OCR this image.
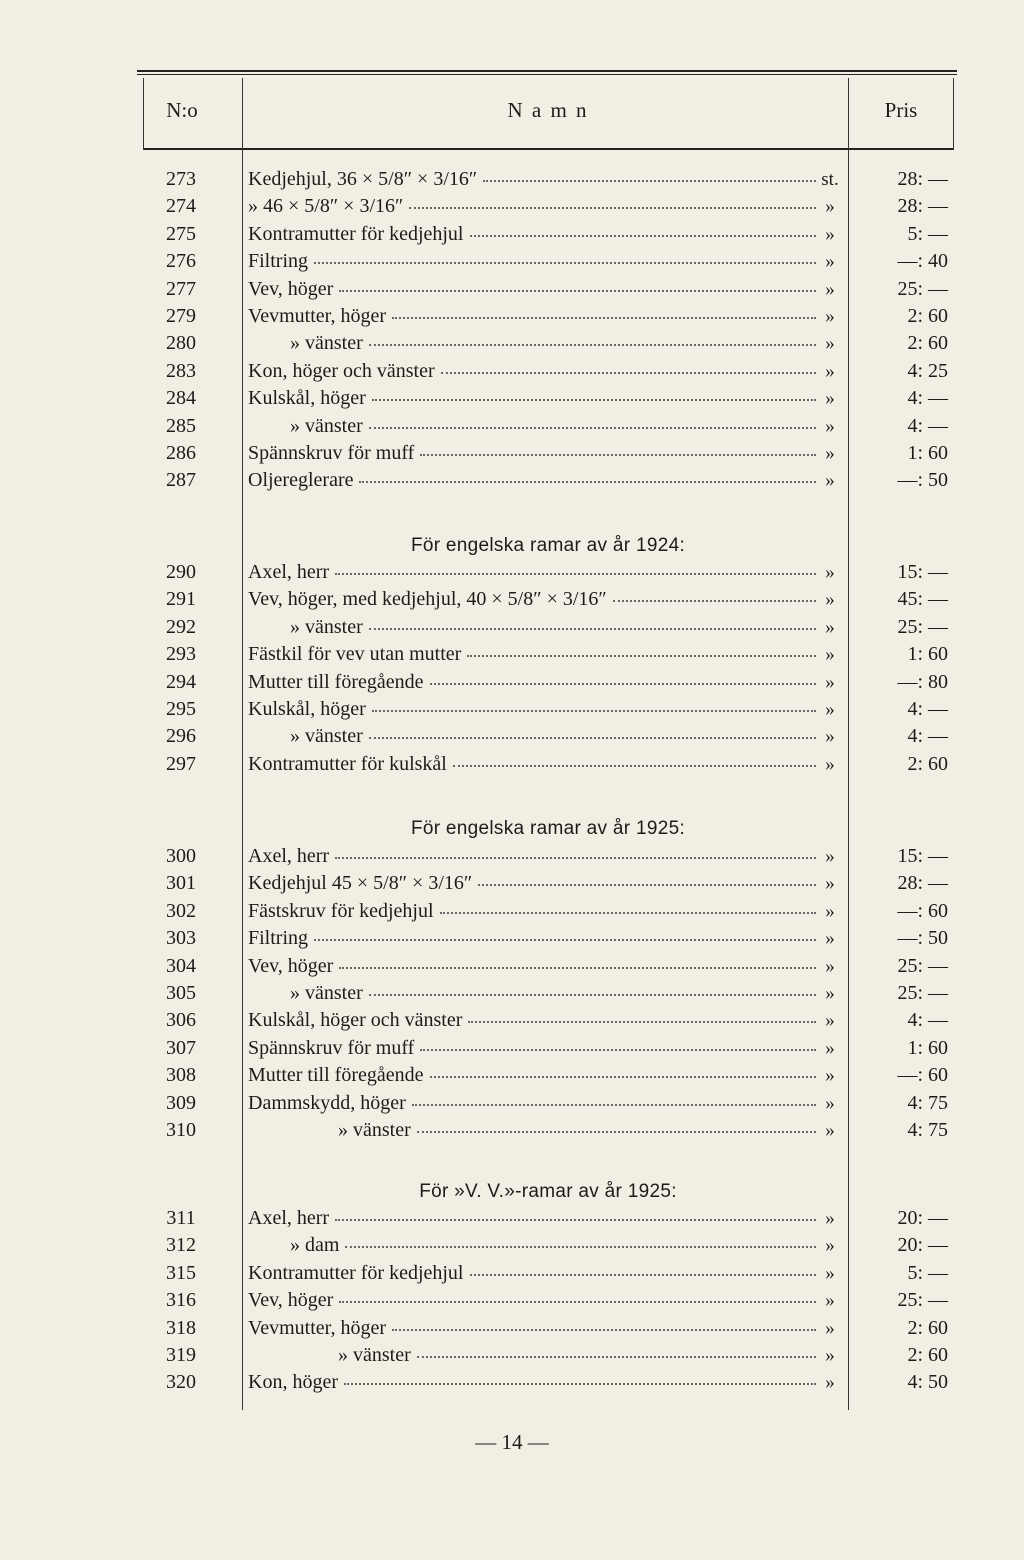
N:o	N a m n	Pris
273	Kedjehjul, 36 × 5/8″ × 3/16″	st.	28: —
274	» 46 × 5/8″ × 3/16″	»	28: —
275	Kontramutter för kedjehjul	»	5: —
276	Filtring	»	—: 40
277	Vev, höger	»	25: —
279	Vevmutter, höger	»	2: 60
280	» vänster	»	2: 60
283	Kon, höger och vänster	»	4: 25
284	Kulskål, höger	»	4: —
285	» vänster	»	4: —
286	Spännskruv för muff	»	1: 60
287	Oljereglerare	»	—: 50
290	Axel, herr	»	15: —
291	Vev, höger, med kedjehjul, 40 × 5/8″ × 3/16″	»	45: —
292	» vänster	»	25: —
293	Fästkil för vev utan mutter	»	1: 60
294	Mutter till föregående	»	—: 80
295	Kulskål, höger	»	4: —
296	» vänster	»	4: —
297	Kontramutter för kulskål	»	2: 60
300	Axel, herr	»	15: —
301	Kedjehjul 45 × 5/8″ × 3/16″	»	28: —
302	Fästskruv för kedjehjul	»	—: 60
303	Filtring	»	—: 50
304	Vev, höger	»	25: —
305	» vänster	»	25: —
306	Kulskål, höger och vänster	»	4: —
307	Spännskruv för muff	»	1: 60
308	Mutter till föregående	»	—: 60
309	Dammskydd, höger	»	4: 75
310	» vänster	»	4: 75
311	Axel, herr	»	20: —
312	» dam	»	20: —
315	Kontramutter för kedjehjul	»	5: —
316	Vev, höger	»	25: —
318	Vevmutter, höger	»	2: 60
319	» vänster	»	2: 60
320	Kon, höger	»	4: 50
För engelska ramar av år 1924:
För engelska ramar av år 1925:
För »V. V.»-ramar av år 1925:
— 14 —
